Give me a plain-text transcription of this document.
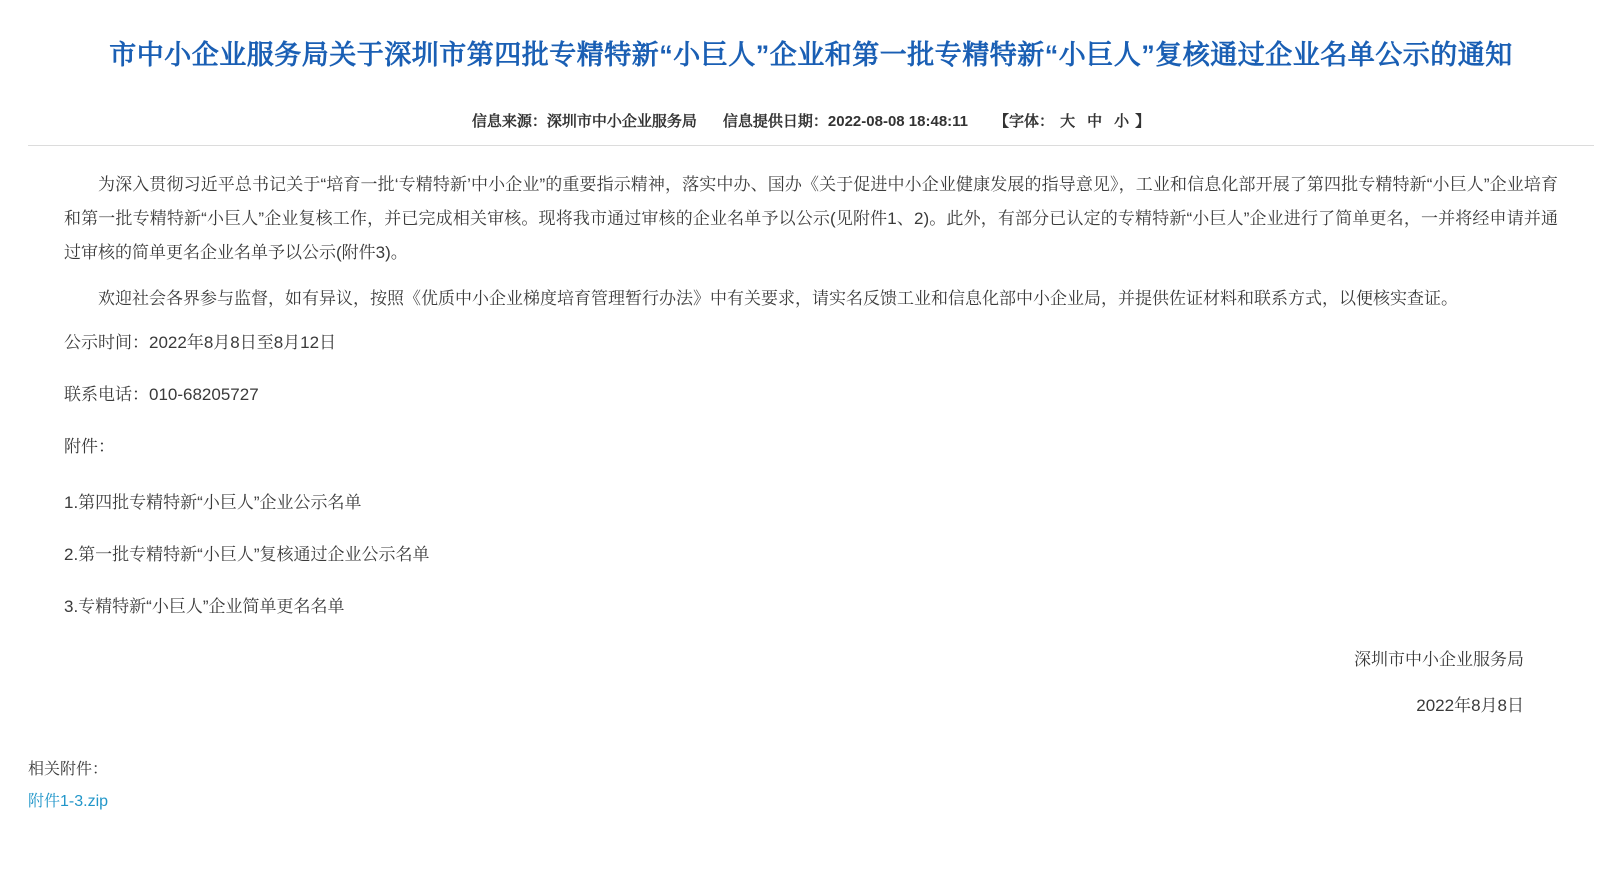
市中小企业服务局关于深圳市第四批专精特新“小巨人”企业和第一批专精特新“小巨人”复核通过企业名单公示的通知
信息来源：深圳市中小企业服务局 信息提供日期：2022-08-08 18:48:11 【 字体： 大 中 小 】

为深入贯彻习近平总书记关于“培育一批‘专精特新’中小企业”的重要指示精神，落实中办、国办《关于促进中小企业健康发展的指导意见》，工业和信息化部开展了第四批专精特新“小巨人”企业培育和第一批专精特新“小巨人”企业复核工作，并已完成相关审核。现将我市通过审核的企业名单予以公示(见附件1、2)。此外，有部分已认定的专精特新“小巨人”企业进行了简单更名，一并将经申请并通过审核的简单更名企业名单予以公示(附件3)。

欢迎社会各界参与监督，如有异议，按照《优质中小企业梯度培育管理暂行办法》中有关要求，请实名反馈工业和信息化部中小企业局，并提供佐证材料和联系方式，以便核实查证。

公示时间：2022年8月8日至8月12日

联系电话：010-68205727

附件：

1.第四批专精特新“小巨人”企业公示名单

2.第一批专精特新“小巨人”复核通过企业公示名单

3.专精特新“小巨人”企业简单更名名单

深圳市中小企业服务局
2022年8月8日
相关附件：
附件1-3.zip
